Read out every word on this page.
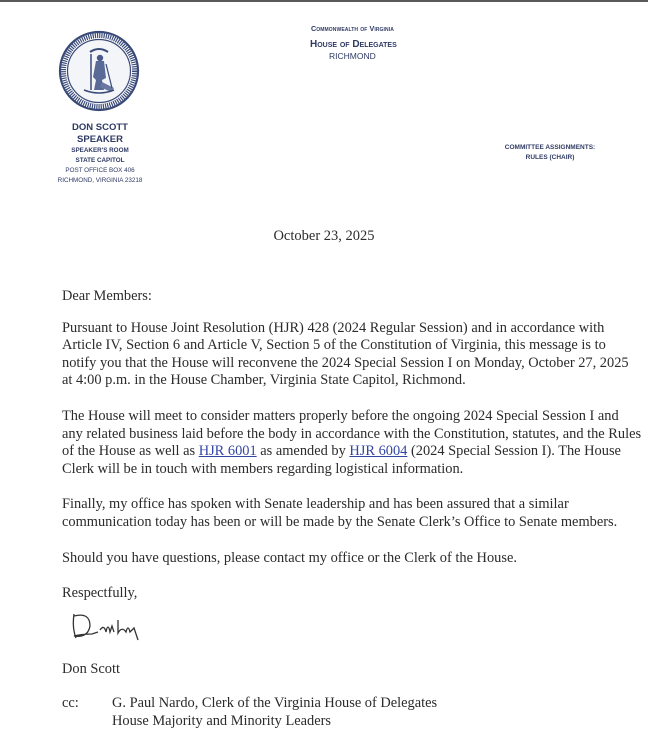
Commonwealth of Virginia
House of Delegates
RICHMOND
DON SCOTT
SPEAKER
SPEAKER'S ROOM
STATE CAPITOL
POST OFFICE BOX 406
RICHMOND, VIRGINIA 23218
COMMITTEE ASSIGNMENTS:
RULES (CHAIR)
October 23, 2025

Dear Members:

Pursuant to House Joint Resolution (HJR) 428 (2024 Regular Session) and in accordance with Article IV, Section 6 and Article V, Section 5 of the Constitution of Virginia, this message is to notify you that the House will reconvene the 2024 Special Session I on Monday, October 27, 2025 at 4:00 p.m. in the House Chamber, Virginia State Capitol, Richmond.

The House will meet to consider matters properly before the ongoing 2024 Special Session I and any related business laid before the body in accordance with the Constitution, statutes, and the Rules of the House as well as HJR 6001 as amended by HJR 6004 (2024 Special Session I). The House Clerk will be in touch with members regarding logistical information.

Finally, my office has spoken with Senate leadership and has been assured that a similar communication today has been or will be made by the Senate Clerk’s Office to Senate members.

Should you have questions, please contact my office or the Clerk of the House.

Respectfully,

Don Scott
cc: G. Paul Nardo, Clerk of the Virginia House of Delegates
House Majority and Minority Leaders
